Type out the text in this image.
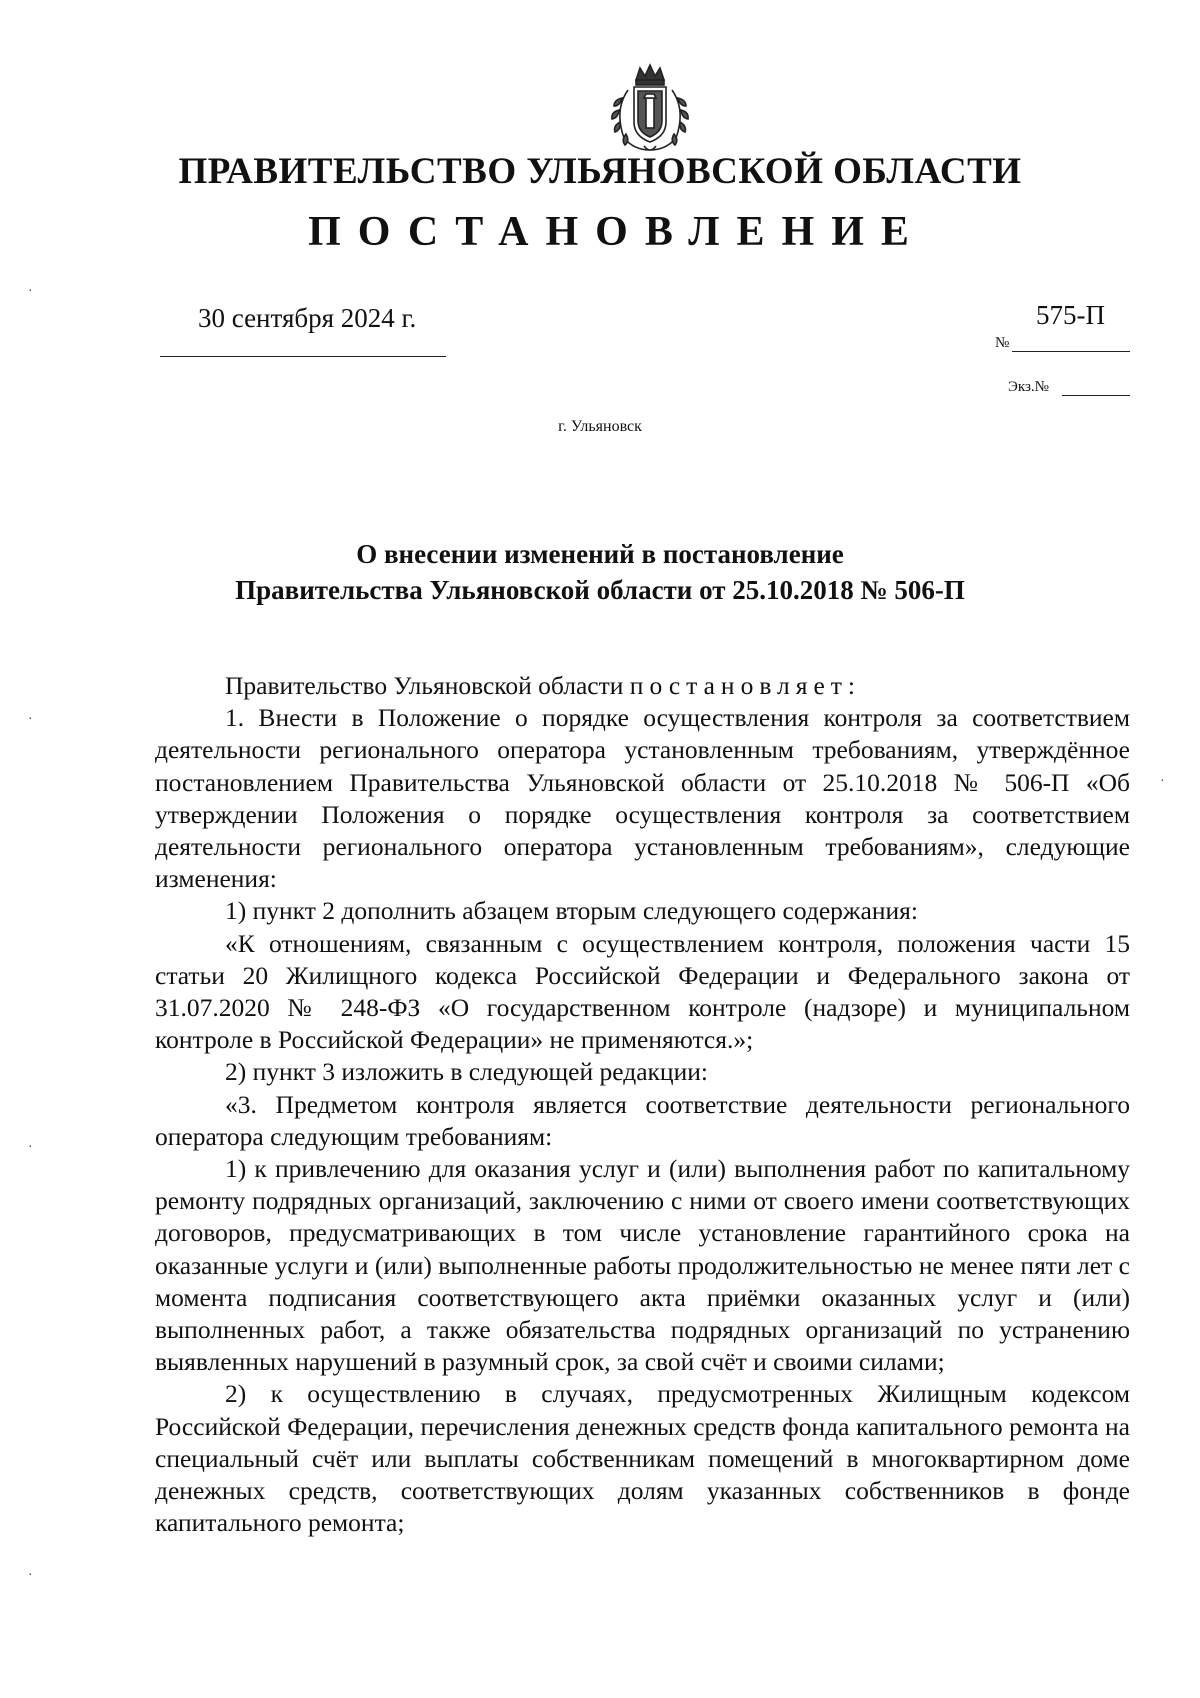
ПРАВИТЕЛЬСТВО УЛЬЯНОВСКОЙ ОБЛАСТИ
ПОСТАНОВЛЕНИЕ
30 сентября 2024 г.	575-П
№
Экз.№
г. Ульяновск
О внесении изменений в постановление
Правительства Ульяновской области от 25.10.2018 № 506-П

Правительство Ульяновской области постановляет:

1. Внести в Положение о порядке осуществления контроля за соответствием деятельности регионального оператора установленным требованиям, утверждённое постановлением Правительства Ульяновской области от 25.10.2018 № 506-П «Об утверждении Положения о порядке осуществления контроля за соответствием деятельности регионального оператора установленным требованиям», следующие изменения:

1) пункт 2 дополнить абзацем вторым следующего содержания:

«К отношениям, связанным с осуществлением контроля, положения части 15 статьи 20 Жилищного кодекса Российской Федерации и Федерального закона от 31.07.2020 № 248-ФЗ «О государственном контроле (надзоре) и муниципальном контроле в Российской Федерации» не применяются.»;

2) пункт 3 изложить в следующей редакции:

«3. Предметом контроля является соответствие деятельности регионального оператора следующим требованиям:

1) к привлечению для оказания услуг и (или) выполнения работ по капитальному ремонту подрядных организаций, заключению с ними от своего имени соответствующих договоров, предусматривающих в том числе установление гарантийного срока на оказанные услуги и (или) выполненные работы продолжительностью не менее пяти лет с момента подписания соответствующего акта приёмки оказанных услуг и (или) выполненных работ, а также обязательства подрядных организаций по устранению выявленных нарушений в разумный срок, за свой счёт и своими силами;

2) к осуществлению в случаях, предусмотренных Жилищным кодексом Российской Федерации, перечисления денежных средств фонда капитального ремонта на специальный счёт или выплаты собственникам помещений в многоквартирном доме денежных средств, соответствующих долям указанных собственников в фонде капитального ремонта;

·
·
·
·
·
